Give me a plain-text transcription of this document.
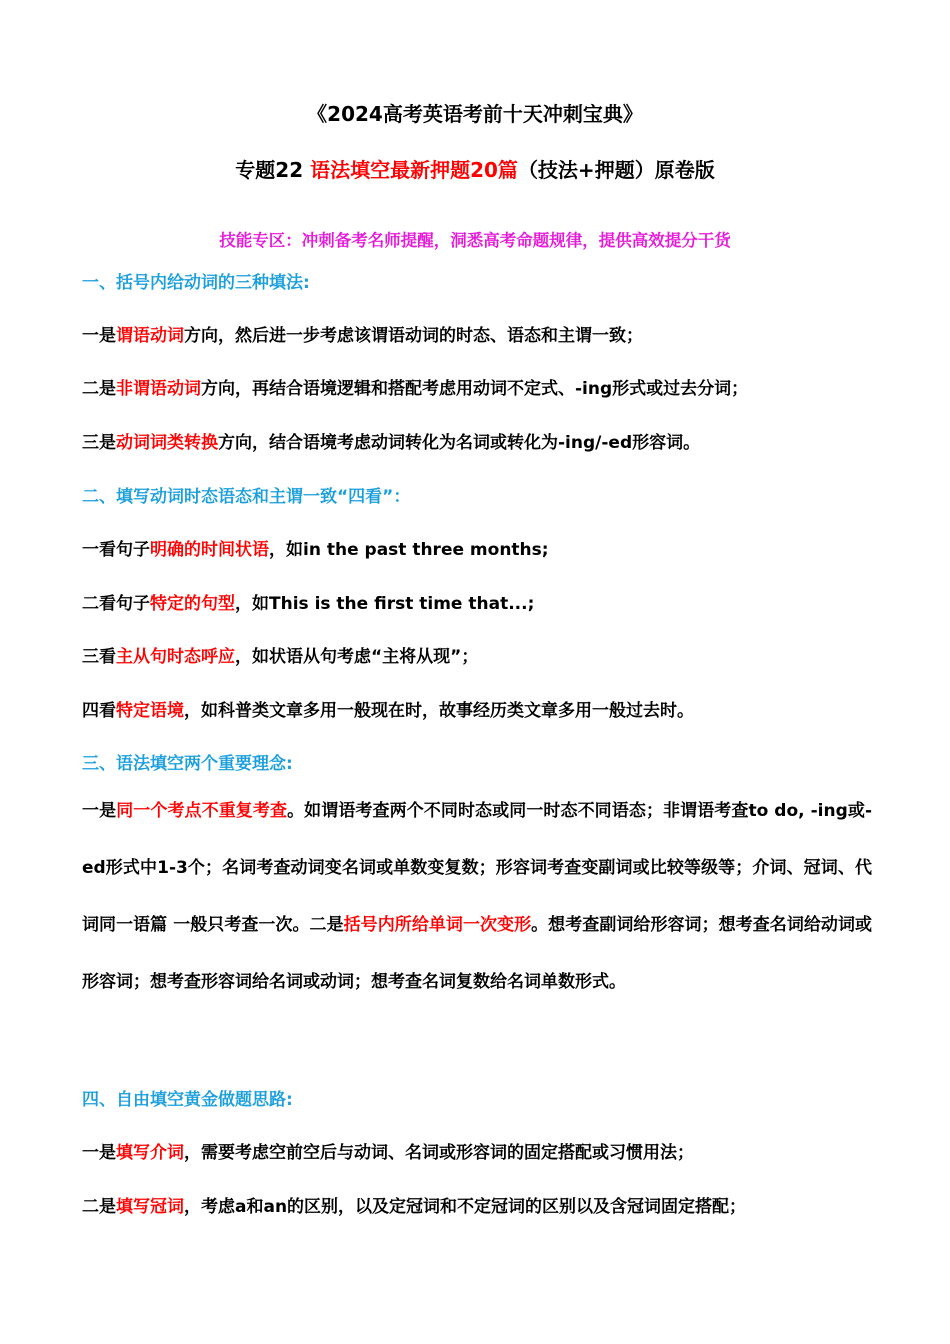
《2024高考英语考前十天冲刺宝典》
专题22 语法填空最新押题20篇（技法+押题）原卷版
技能专区：冲刺备考名师提醒，洞悉高考命题规律，提供高效提分干货
一、括号内给动词的三种填法:
一是谓语动词方向，然后进一步考虑该谓语动词的时态、语态和主谓一致；
二是非谓语动词方向，再结合语境逻辑和搭配考虑用动词不定式、-ing形式或过去分词；
三是动词词类转换方向，结合语境考虑动词转化为名词或转化为-ing/-ed形容词。
二、填写动词时态语态和主谓一致“四看”：
一看句子明确的时间状语，如in the past three months;
二看句子特定的句型，如This is the first time that...;
三看主从句时态呼应，如状语从句考虑“主将从现”；
四看特定语境，如科普类文章多用一般现在时，故事经历类文章多用一般过去时。
三、语法填空两个重要理念:
一是同一个考点不重复考查。如谓语考查两个不同时态或同一时态不同语态；非谓语考查to do, -ing或-ed形式中1-3个；名词考查动词变名词或单数变复数；形容词考查变副词或比较等级等；介词、冠词、代词同一语篇 一般只考查一次。二是括号内所给单词一次变形。想考查副词给形容词；想考查名词给动词或形容词；想考查形容词给名词或动词；想考查名词复数给名词单数形式。
四、自由填空黄金做题思路:
一是填写介词，需要考虑空前空后与动词、名词或形容词的固定搭配或习惯用法；
二是填写冠词，考虑a和an的区别，以及定冠词和不定冠词的区别以及含冠词固定搭配；
